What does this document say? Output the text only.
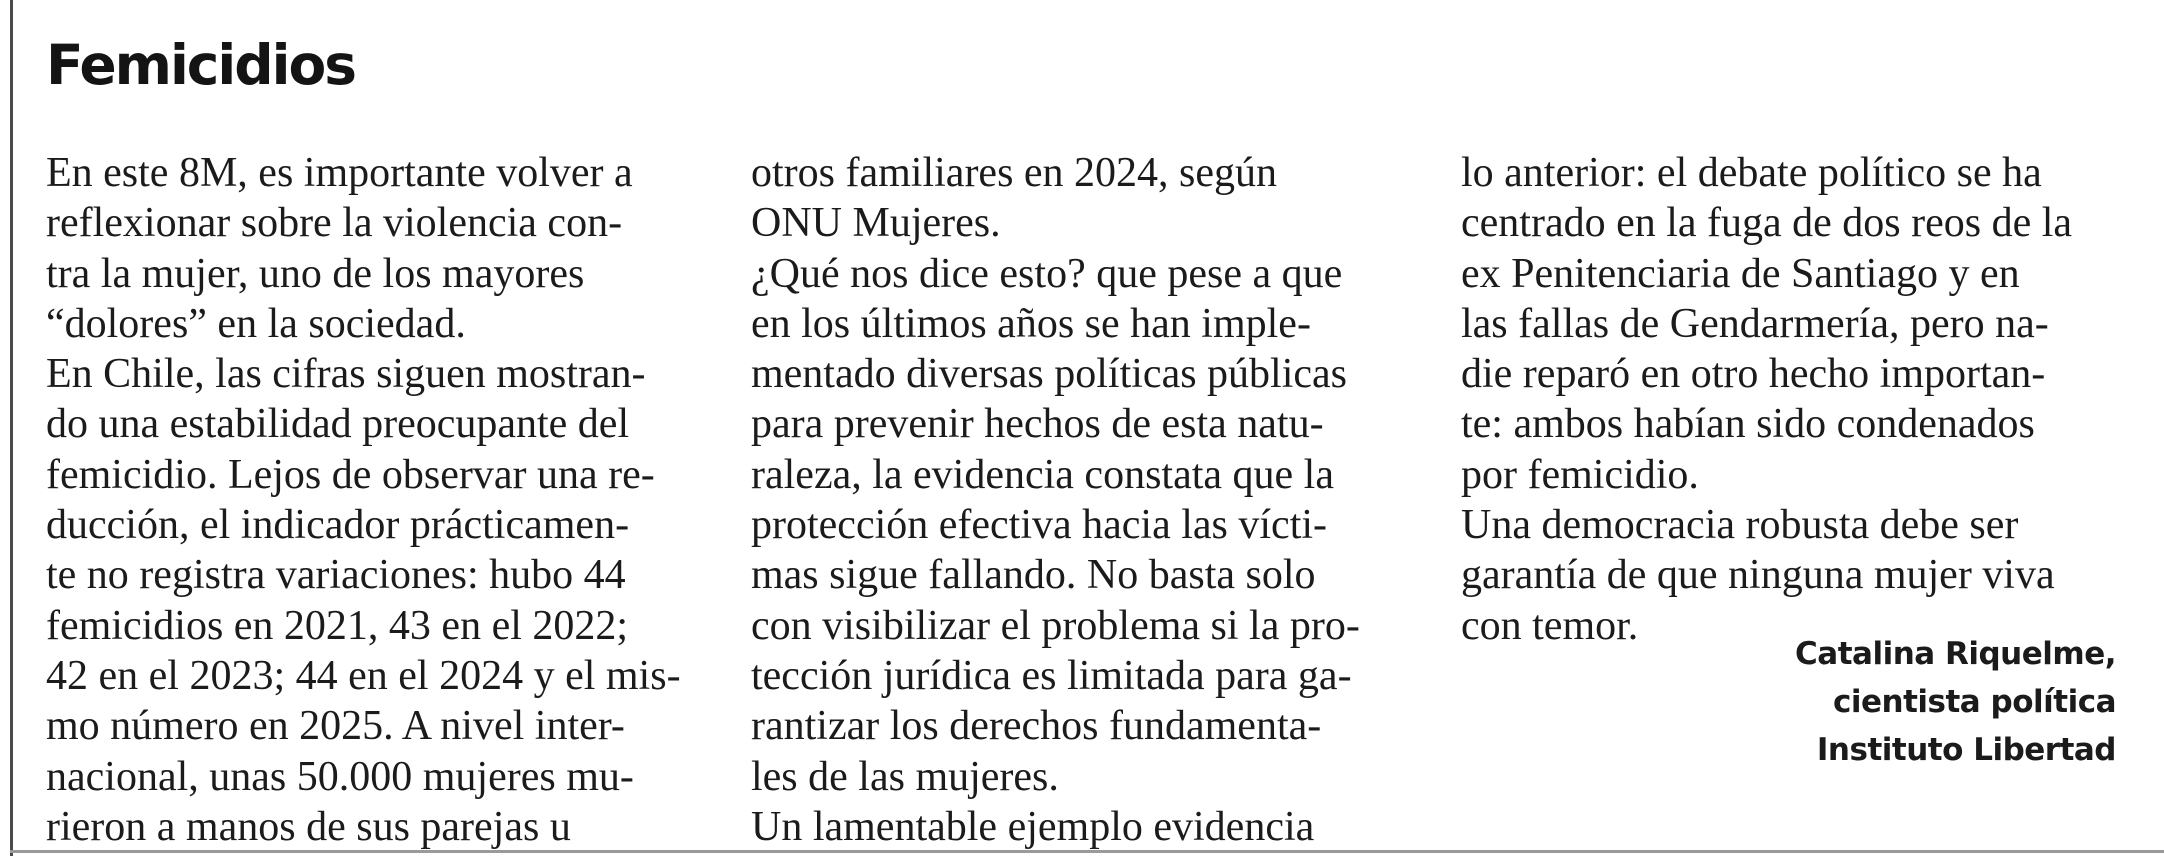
Femicidios

En este 8M, es importante volver a
reflexionar sobre la violencia con-
tra la mujer, uno de los mayores
“dolores” en la sociedad.

En Chile, las cifras siguen mostran-
do una estabilidad preocupante del
femicidio. Lejos de observar una re-
ducción, el indicador prácticamen-
te no registra variaciones: hubo 44
femicidios en 2021, 43 en el 2022;
42 en el 2023; 44 en el 2024 y el mis-
mo número en 2025. A nivel inter-
nacional, unas 50.000 mujeres mu-
rieron a manos de sus parejas u

otros familiares en 2024, según
ONU Mujeres.

¿Qué nos dice esto? que pese a que
en los últimos años se han imple-
mentado diversas políticas públicas
para prevenir hechos de esta natu-
raleza, la evidencia constata que la
protección efectiva hacia las vícti-
mas sigue fallando. No basta solo
con visibilizar el problema si la pro-
tección jurídica es limitada para ga-
rantizar los derechos fundamenta-
les de las mujeres.

Un lamentable ejemplo evidencia

lo anterior: el debate político se ha
centrado en la fuga de dos reos de la
ex Penitenciaria de Santiago y en
las fallas de Gendarmería, pero na-
die reparó en otro hecho importan-
te: ambos habían sido condenados
por femicidio.

Una democracia robusta debe ser
garantía de que ninguna mujer viva
con temor.

Catalina Riquelme,
cientista política
Instituto Libertad
